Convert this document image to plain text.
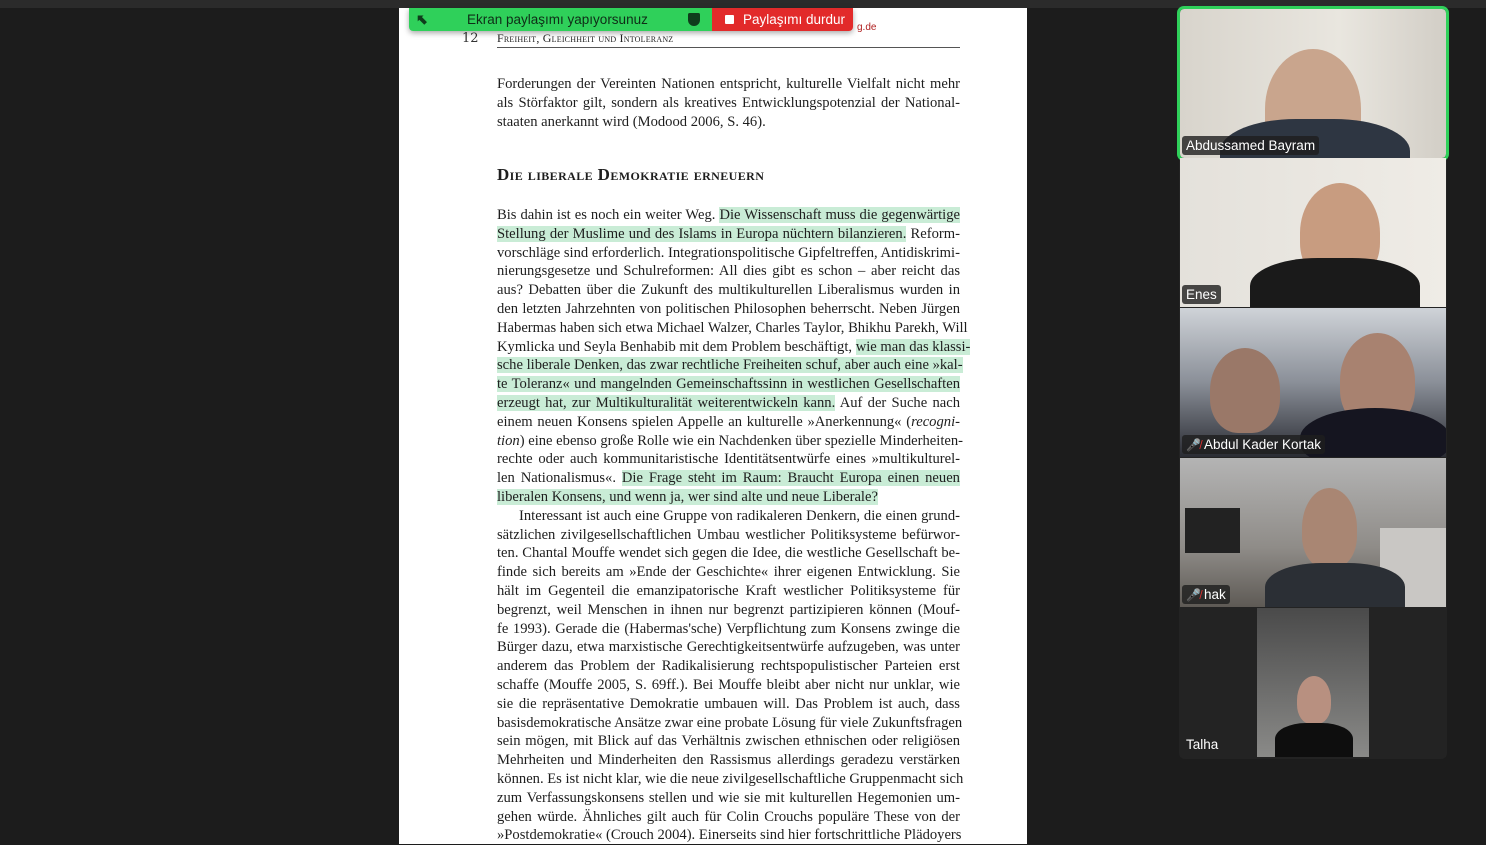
12 Freiheit, Gleichheit und Intoleranz
Forderungen der Vereinten Nationen entspricht, kulturelle Vielfalt nicht mehr
als Störfaktor gilt, sondern als kreatives Entwicklungspotenzial der National-
staaten anerkannt wird (Modood 2006, S. 46).
Die liberale Demokratie erneuern
Bis dahin ist es noch ein weiter Weg. Die Wissenschaft muss die gegenwärtige
Stellung der Muslime und des Islams in Europa nüchtern bilanzieren. Reform-
vorschläge sind erforderlich. Integrationspolitische Gipfeltreffen, Antidiskrimi-
nierungsgesetze und Schulreformen: All dies gibt es schon – aber reicht das
aus? Debatten über die Zukunft des multikulturellen Liberalismus wurden in
den letzten Jahrzehnten von politischen Philosophen beherrscht. Neben Jürgen
Habermas haben sich etwa Michael Walzer, Charles Taylor, Bhikhu Parekh, Will
Kymlicka und Seyla Benhabib mit dem Problem beschäftigt, wie man das klassi-
sche liberale Denken, das zwar rechtliche Freiheiten schuf, aber auch eine »kal-
te Toleranz« und mangelnden Gemeinschaftssinn in westlichen Gesellschaften
erzeugt hat, zur Multikulturalität weiterentwickeln kann. Auf der Suche nach
einem neuen Konsens spielen Appelle an kulturelle »Anerkennung« (recogni-
tion) eine ebenso große Rolle wie ein Nachdenken über spezielle Minderheiten-
rechte oder auch kommunitaristische Identitätsentwürfe eines »multikulturel-
len Nationalismus«. Die Frage steht im Raum: Braucht Europa einen neuen
liberalen Konsens, und wenn ja, wer sind alte und neue Liberale?
Interessant ist auch eine Gruppe von radikaleren Denkern, die einen grund-
sätzlichen zivilgesellschaftlichen Umbau westlicher Politiksysteme befürwor-
ten. Chantal Mouffe wendet sich gegen die Idee, die westliche Gesellschaft be-
finde sich bereits am »Ende der Geschichte« ihrer eigenen Entwicklung. Sie
hält im Gegenteil die emanzipatorische Kraft westlicher Politiksysteme für
begrenzt, weil Menschen in ihnen nur begrenzt partizipieren können (Mouf-
fe 1993). Gerade die (Habermas'sche) Verpflichtung zum Konsens zwinge die
Bürger dazu, etwa marxistische Gerechtigkeitsentwürfe aufzugeben, was unter
anderem das Problem der Radikalisierung rechtspopulistischer Parteien erst
schaffe (Mouffe 2005, S. 69ff.). Bei Mouffe bleibt aber nicht nur unklar, wie
sie die repräsentative Demokratie umbauen will. Das Problem ist auch, dass
basisdemokratische Ansätze zwar eine probate Lösung für viele Zukunftsfragen
sein mögen, mit Blick auf das Verhältnis zwischen ethnischen oder religiösen
Mehrheiten und Minderheiten den Rassismus allerdings geradezu verstärken
können. Es ist nicht klar, wie die neue zivilgesellschaftliche Gruppenmacht sich
zum Verfassungskonsens stellen und wie sie mit kulturellen Hegemonien um-
gehen würde. Ähnliches gilt auch für Colin Crouchs populäre These von der
»Postdemokratie« (Crouch 2004). Einerseits sind hier fortschrittliche Plädoyers
⬉	Ekran paylaşımı yapıyorsunuz	Paylaşımı durdur
g.de
Abdussamed Bayram
Enes
🎤̸ Abdul Kader Kortak
🎤̸ hak
Talha
